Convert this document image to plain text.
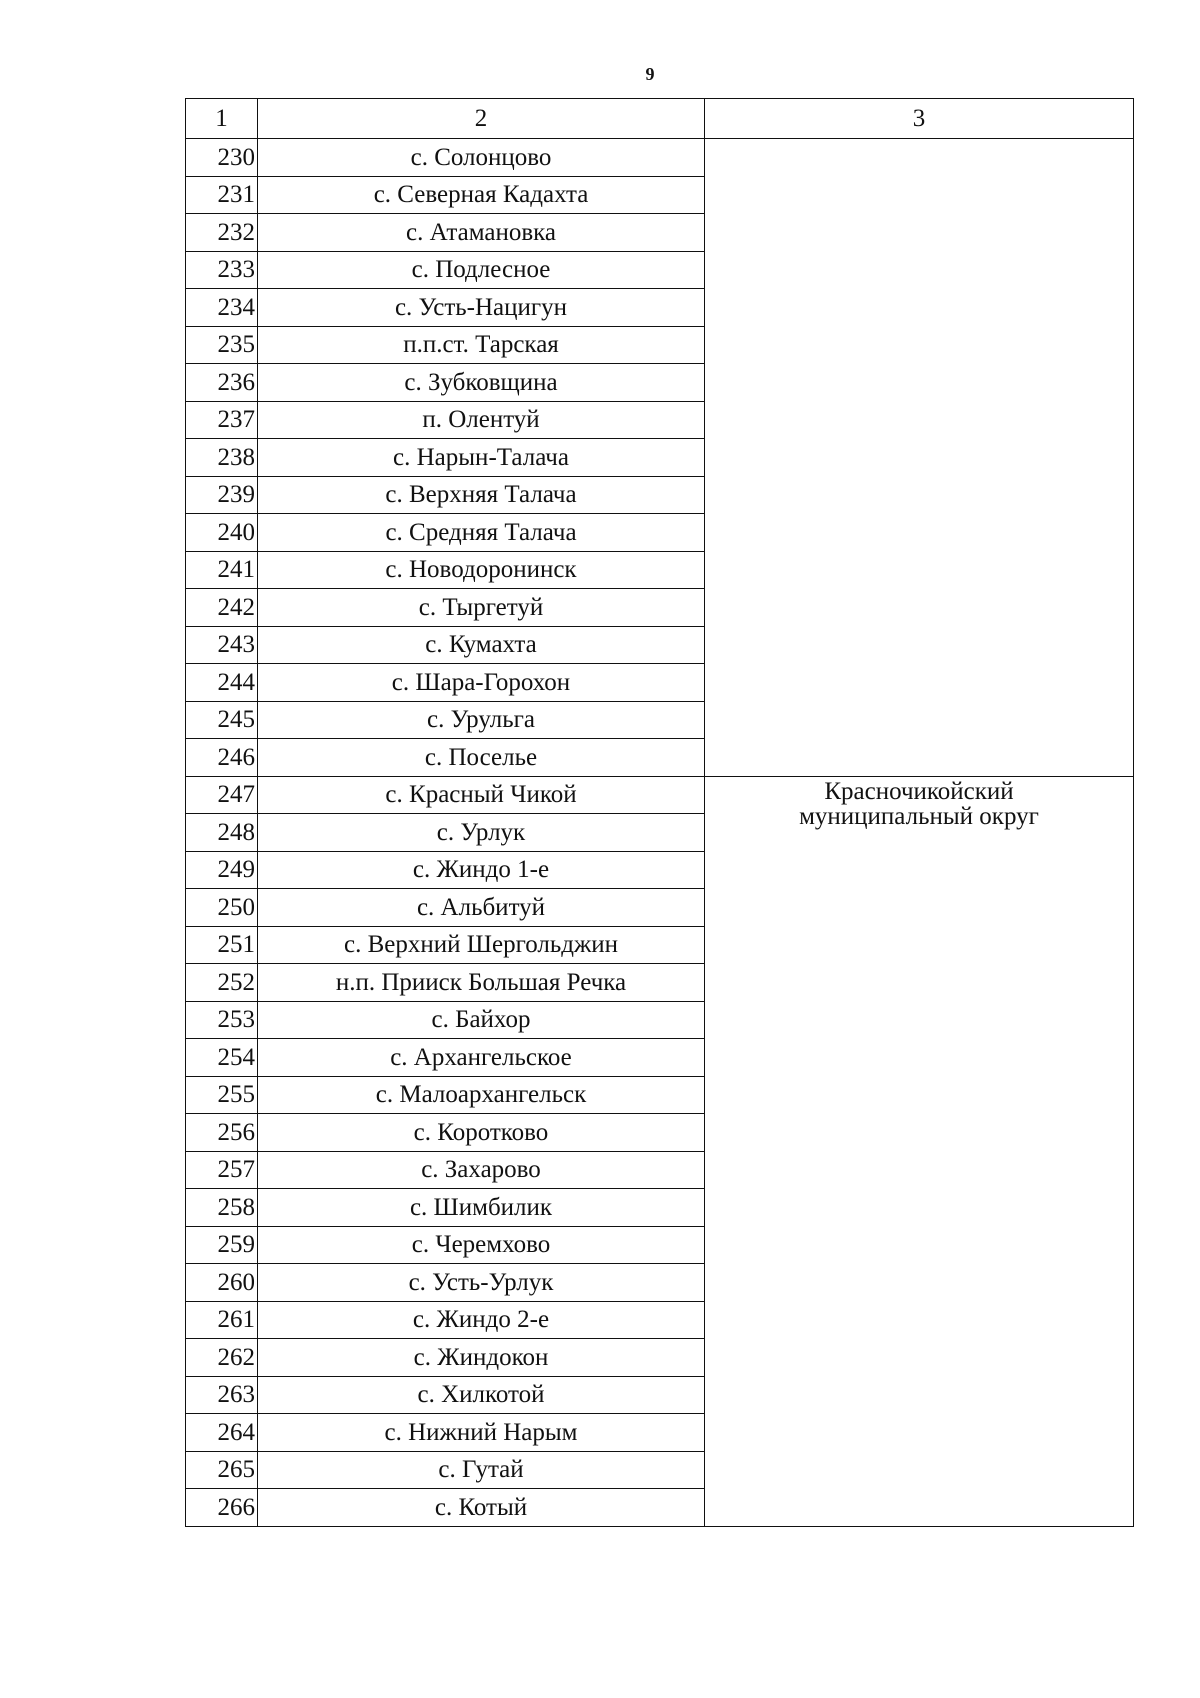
9
1	2	3
230	с. Солонцово	
231	с. Северная Кадахта	
232	с. Атамановка	
233	с. Подлесное	
234	с. Усть-Нацигун	
235	п.п.ст. Тарская	
236	с. Зубковщина	
237	п. Олентуй	
238	с. Нарын-Талача	
239	с. Верхняя Талача	
240	с. Средняя Талача	
241	с. Новодоронинск	
242	с. Тыргетуй	
243	с. Кумахта	
244	с. Шара-Горохон	
245	с. Урульга	
246	с. Поселье	
247	с. Красный Чикой	Красночикойский
муниципальный округ

248	с. Урлук	
249	с. Жиндо 1-е	
250	с. Альбитуй	
251	с. Верхний Шергольджин	
252	н.п. Прииск Большая Речка	
253	с. Байхор	
254	с. Архангельское	
255	с. Малоархангельск	
256	с. Коротково	
257	с. Захарово	
258	с. Шимбилик	
259	с. Черемхово	
260	с. Усть-Урлук	
261	с. Жиндо 2-е	
262	с. Жиндокон	
263	с. Хилкотой	
264	с. Нижний Нарым	
265	с. Гутай	
266	с. Котый	
